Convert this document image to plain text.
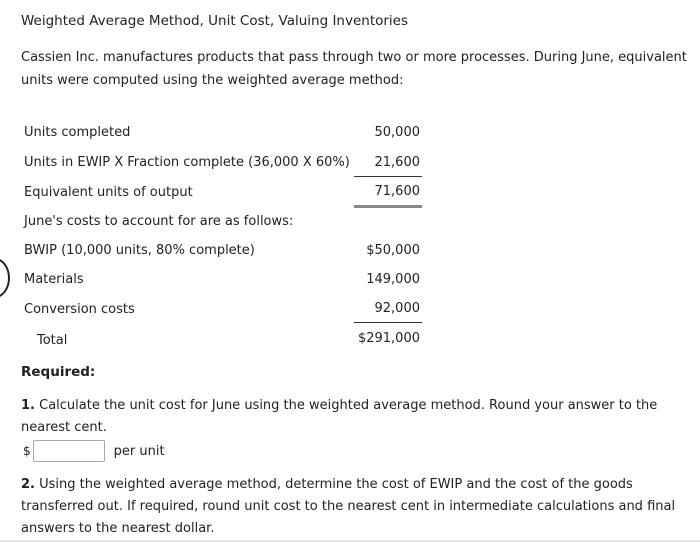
Weighted Average Method, Unit Cost, Valuing Inventories
Cassien Inc. manufactures products that pass through two or more processes. During June, equivalent units were computed using the weighted average method:
Units completed	50,000
Units in EWIP X Fraction complete (36,000 X 60%) 21,600
Equivalent units of output	71,600
June's costs to account for are as follows:
BWIP (10,000 units, 80% complete)	$50,000
Materials	149,000
Conversion costs	92,000
Total	$291,000
Required:
1. Calculate the unit cost for June using the weighted average method. Round your answer to the nearest cent.
$	per unit
2. Using the weighted average method, determine the cost of EWIP and the cost of the goods transferred out. If required, round unit cost to the nearest cent in intermediate calculations and final answers to the nearest dollar.
